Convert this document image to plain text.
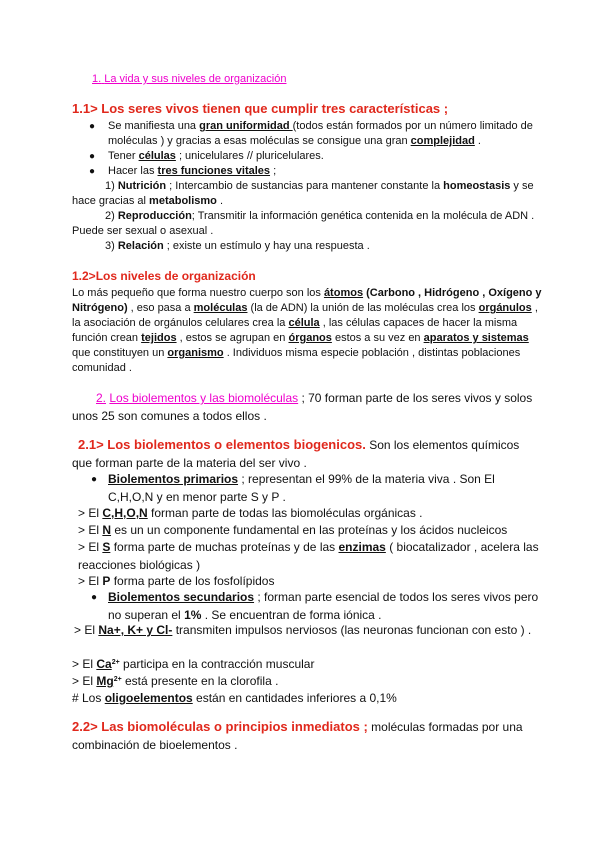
1. La vida y sus niveles de organización

1.1> Los seres vivos tienen que cumplir tres características ;

● Se manifiesta una gran uniformidad (todos están formados por un número limitado de moléculas ) y gracias a esas moléculas se consigue una gran complejidad .

● Tener células ; unicelulares // pluricelulares.

● Hacer las tres funciones vitales ;

1) Nutrición ; Intercambio de sustancias para mantener constante la homeostasis y se hace gracias al metabolismo .

2) Reproducción; Transmitir la información genética contenida en la molécula de ADN . Puede ser sexual o asexual .

3) Relación ; existe un estímulo y hay una respuesta .

1.2>Los niveles de organización

Lo más pequeño que forma nuestro cuerpo son los átomos (Carbono , Hidrógeno , Oxígeno y Nitrógeno) , eso pasa a moléculas (la de ADN) la unión de las moléculas crea los orgánulos , la asociación de orgánulos celulares crea la célula , las células capaces de hacer la misma función crean tejidos , estos se agrupan en órganos estos a su vez en aparatos y sistemas que constituyen un organismo . Individuos misma especie población , distintas poblaciones comunidad .

2. Los biolementos y las biomoléculas ; 70 forman parte de los seres vivos y solos unos 25 son comunes a todos ellos .

2.1> Los biolementos o elementos biogenicos. Son los elementos químicos que forman parte de la materia del ser vivo .

● Biolementos primarios ; representan el 99% de la materia viva . Son El C,H,O,N y en menor parte S y P .

> El C,H,O,N forman parte de todas las biomoléculas orgánicas .

> El N es un un componente fundamental en las proteínas y los ácidos nucleicos

> El S forma parte de muchas proteínas y de las enzimas ( biocatalizador , acelera las reacciones biológicas )

> El P forma parte de los fosfolípidos

● Biolementos secundarios ; forman parte esencial de todos los seres vivos pero no superan el 1% . Se encuentran de forma iónica .

> El Na+, K+ y Cl- transmiten impulsos nerviosos (las neuronas funcionan con esto ) .

> El $Ca^{2+}$ participa en la contracción muscular

> El $Mg^{2+}$ está presente en la clorofila .

# Los oligoelementos están en cantidades inferiores a 0,1%

2.2> Las biomoléculas o principios inmediatos ; moléculas formadas por una combinación de bioelementos .
